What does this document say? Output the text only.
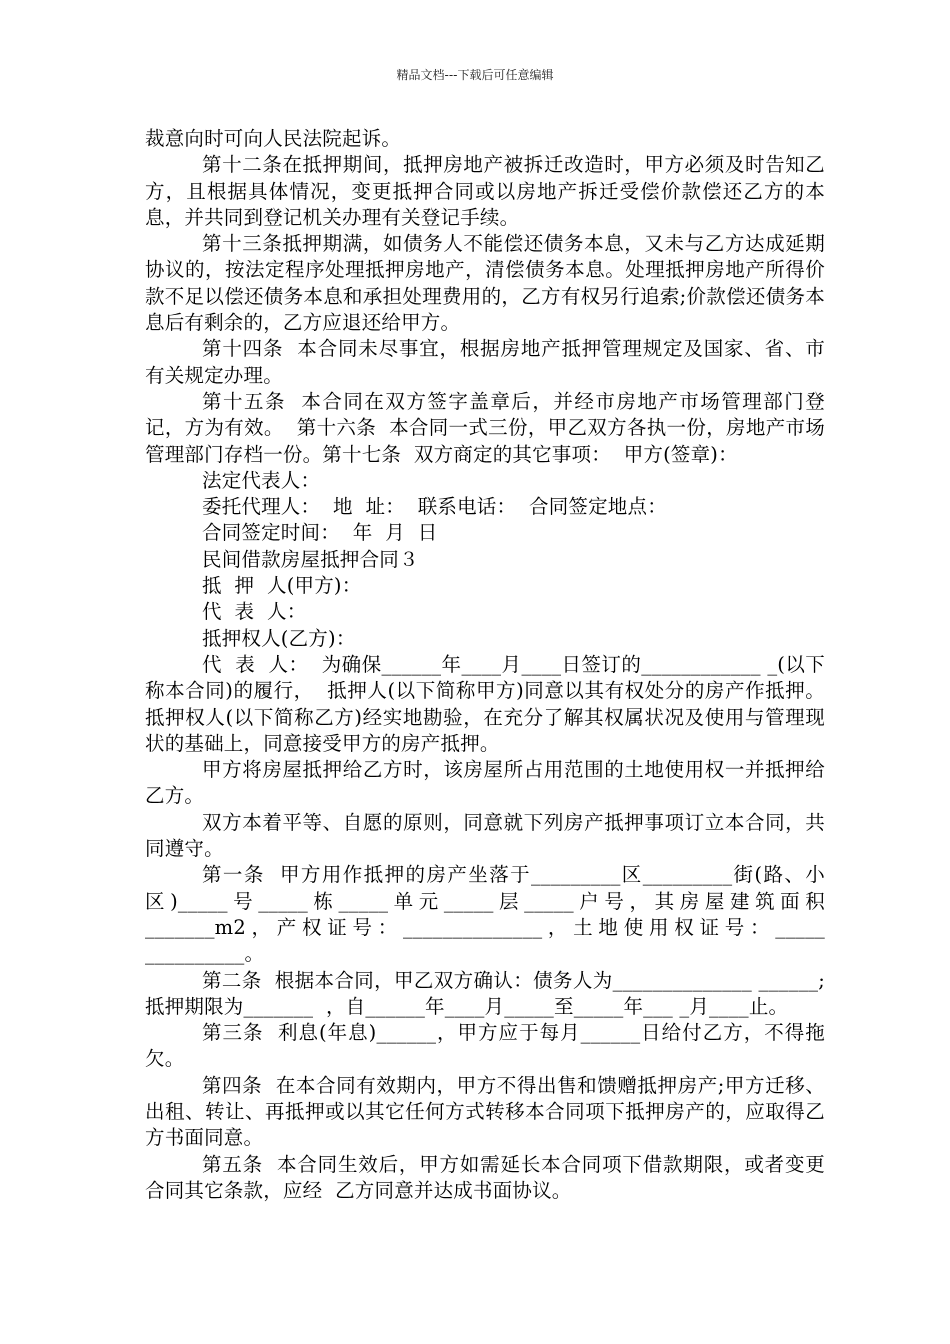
精品文档---下载后可任意编辑

裁意向时可向人民法院起诉。

第十二条在抵押期间，抵押房地产被拆迁改造时，甲方必须及时告知乙方，且根据具体情况，变更抵押合同或以房地产拆迁受偿价款偿还乙方的本息，并共同到登记机关办理有关登记手续。

第十三条抵押期满，如债务人不能偿还债务本息，又未与乙方达成延期协议的，按法定程序处理抵押房地产，清偿债务本息。处理抵押房地产所得价款不足以偿还债务本息和承担处理费用的，乙方有权另行追索;价款偿还债务本息后有剩余的，乙方应退还给甲方。

第十四条  本合同未尽事宜，根据房地产抵押管理规定及国家、省、市有关规定办理。

第十五条  本合同在双方签字盖章后，并经市房地产市场管理部门登记，方为有效。  第十六条  本合同一式三份，甲乙双方各执一份，房地产市场管理部门存档一份。第十七条  双方商定的其它事项：  甲方(签章)：

法定代表人：

委托代理人：  地  址：  联系电话：  合同签定地点：

合同签定时间：  年  月  日

民间借款房屋抵押合同３

抵  押  人(甲方)：

代  表  人：

抵押权人(乙方)：

代  表  人：  为确保______年____月____日签订的____________ _(以下称本合同)的履行，  抵押人(以下简称甲方)同意以其有权处分的房产作抵押。抵押权人(以下简称乙方)经实地勘验，在充分了解其权属状况及使用与管理现状的基础上，同意接受甲方的房产抵押。

甲方将房屋抵押给乙方时，该房屋所占用范围的土地使用权一并抵押给乙方。

双方本着平等、自愿的原则，同意就下列房产抵押事项订立本合同，共同遵守。

第一条  甲方用作抵押的房产坐落于_________区_________街(路、小区)_____号_____栋_____单元_____层_____户号，其房屋建筑面积_______m2，产权证号：______________，土地使用权证号：_____ __________。

第二条  根据本合同，甲乙双方确认：债务人为______________ ______;抵押期限为_______  ，自______年____月_____至_____年___ _月____止。

第三条  利息(年息)______，甲方应于每月______日给付乙方，不得拖欠。

第四条  在本合同有效期内，甲方不得出售和馈赠抵押房产;甲方迁移、出租、转让、再抵押或以其它任何方式转移本合同项下抵押房产的，应取得乙方书面同意。

第五条  本合同生效后，甲方如需延长本合同项下借款期限，或者变更合同其它条款，应经  乙方同意并达成书面协议。
